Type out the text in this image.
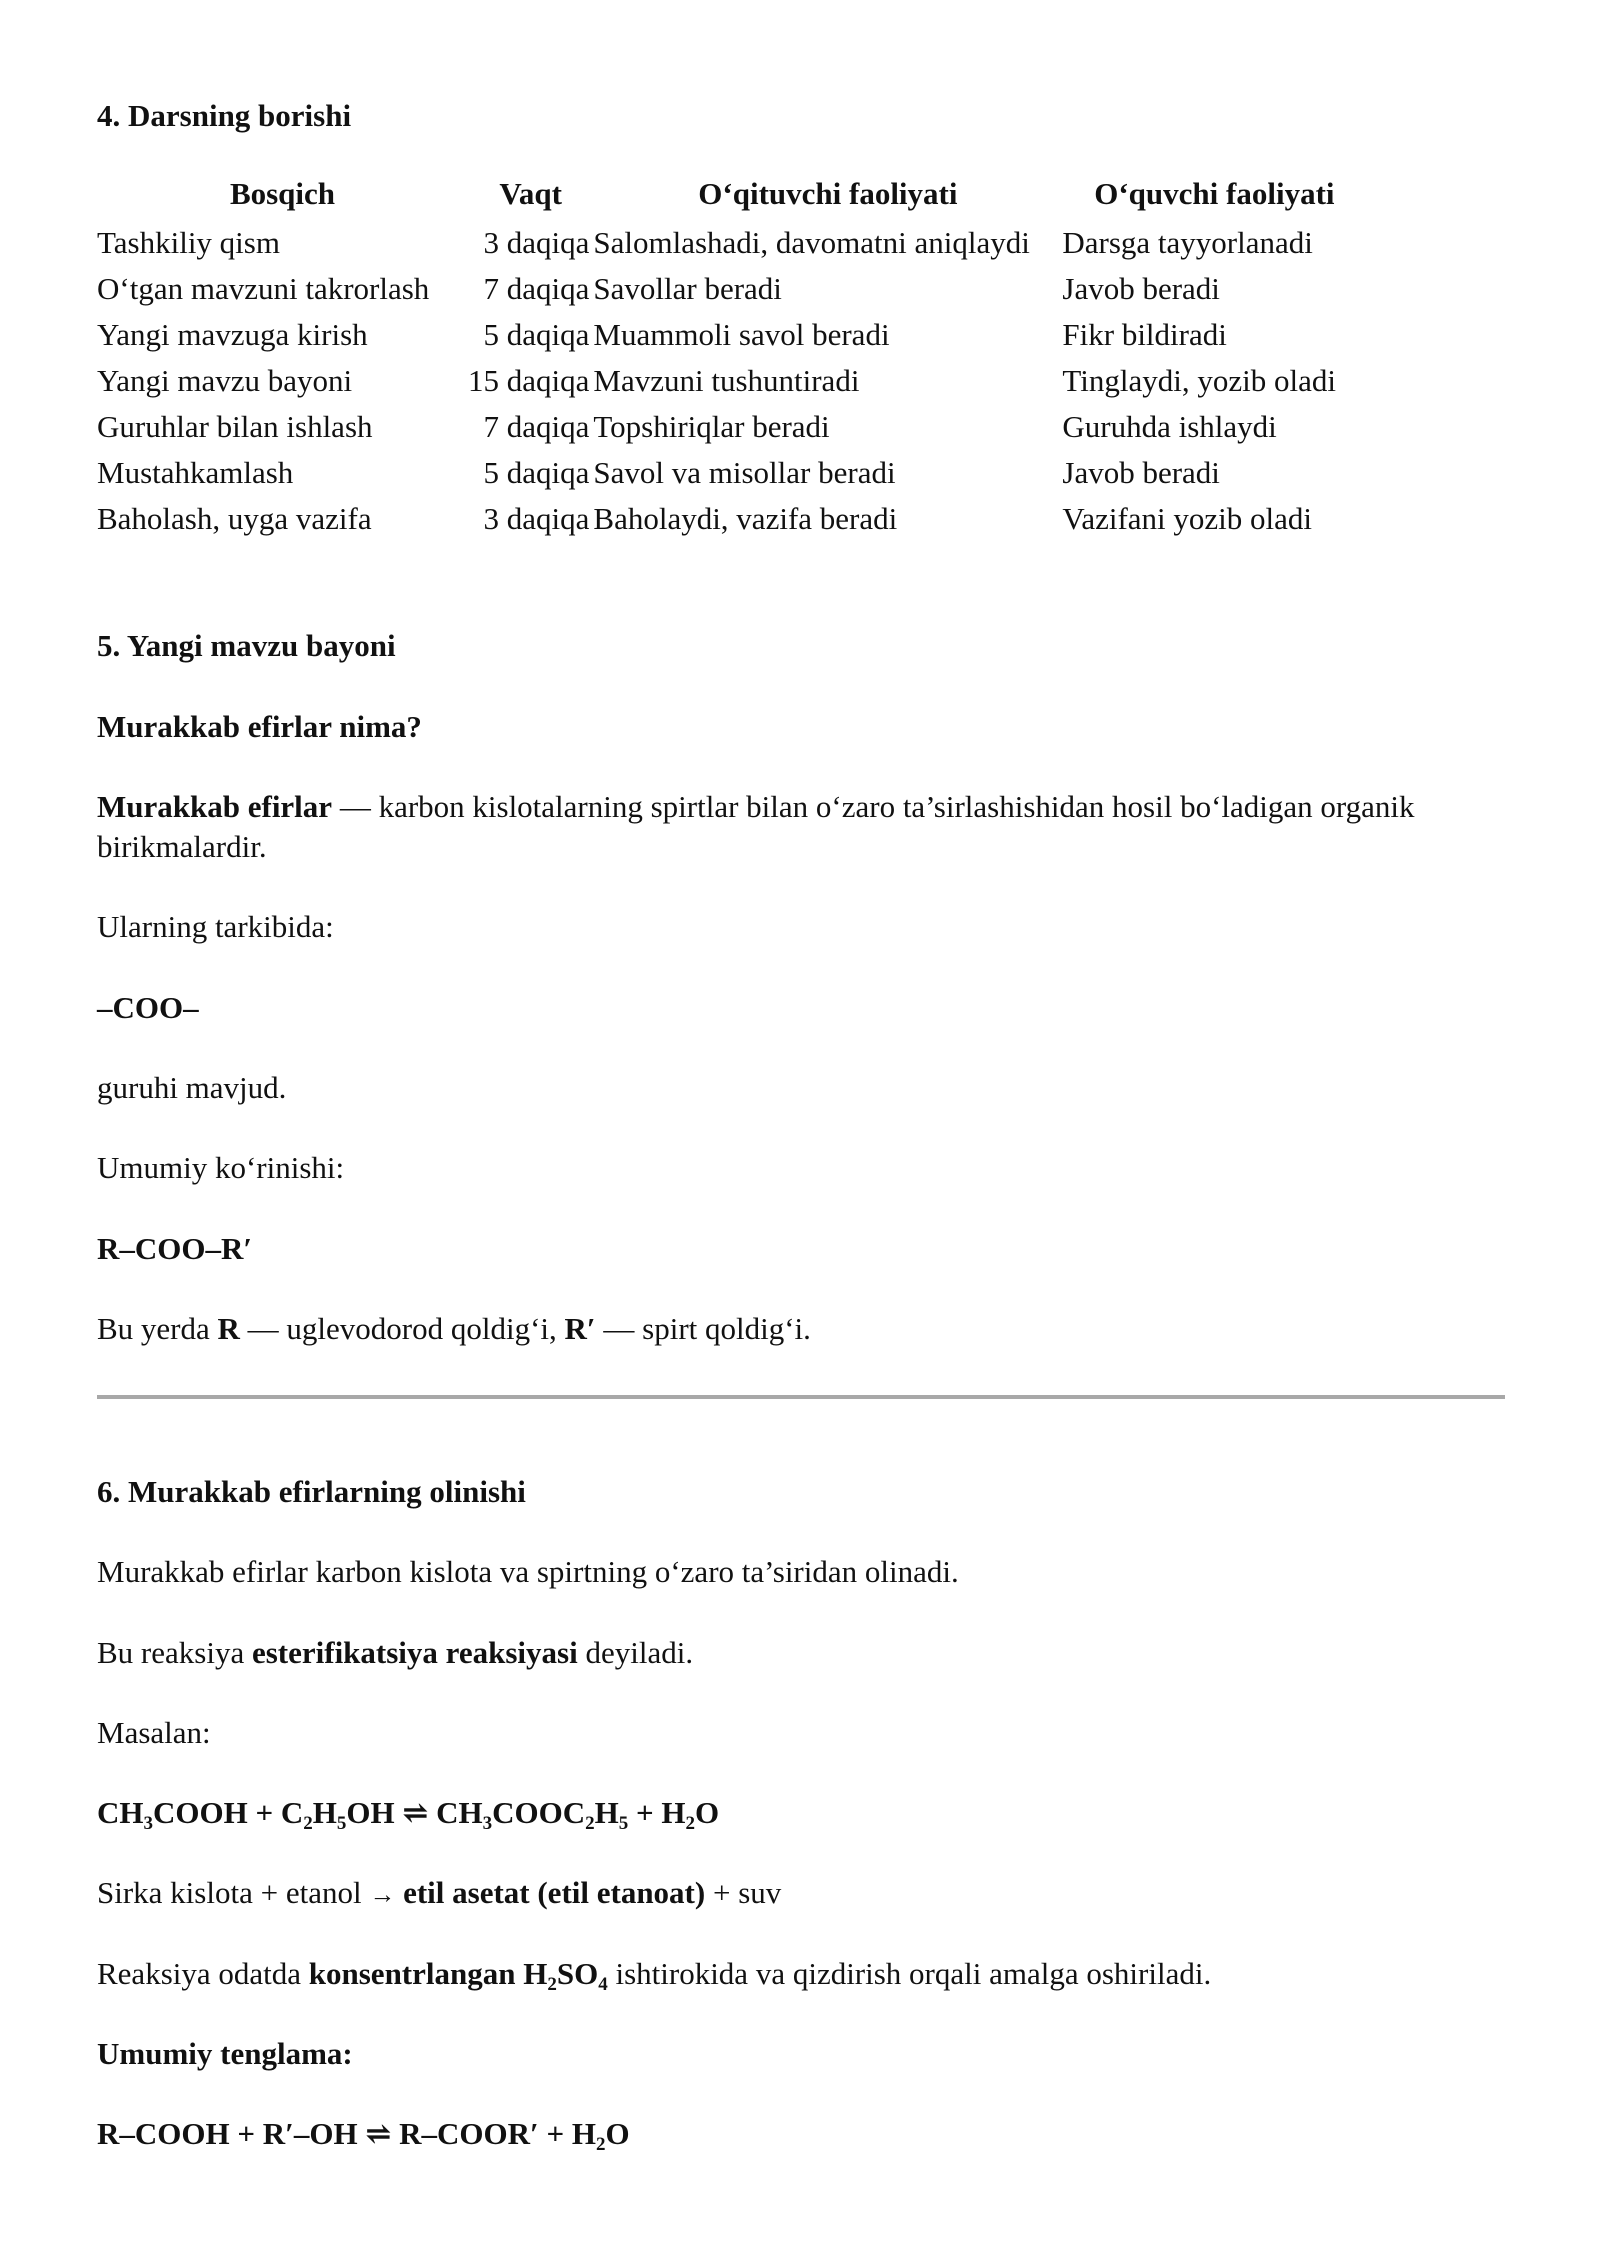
4. Darsning borishi
Bosqich	Vaqt	O‘qituvchi faoliyati	O‘quvchi faoliyati
Tashkiliy qism	3 daqiqa	Salomlashadi, davomatni aniqlaydi	Darsga tayyorlanadi
O‘tgan mavzuni takrorlash	7 daqiqa	Savollar beradi	Javob beradi
Yangi mavzuga kirish	5 daqiqa	Muammoli savol beradi	Fikr bildiradi
Yangi mavzu bayoni	15 daqiqa	Mavzuni tushuntiradi	Tinglaydi, yozib oladi
Guruhlar bilan ishlash	7 daqiqa	Topshiriqlar beradi	Guruhda ishlaydi
Mustahkamlash	5 daqiqa	Savol va misollar beradi	Javob beradi
Baholash, uyga vazifa	3 daqiqa	Baholaydi, vazifa beradi	Vazifani yozib oladi
5. Yangi mavzu bayoni

Murakkab efirlar nima?

Murakkab efirlar — karbon kislotalarning spirtlar bilan o‘zaro ta’sirlashishidan hosil bo‘ladigan organik birikmalardir.

Ularning tarkibida:

–COO–

guruhi mavjud.

Umumiy ko‘rinishi:

R–COO–R′

Bu yerda R — uglevodorod qoldig‘i, R′ — spirt qoldig‘i.

6. Murakkab efirlarning olinishi

Murakkab efirlar karbon kislota va spirtning o‘zaro ta’siridan olinadi.

Bu reaksiya esterifikatsiya reaksiyasi deyiladi.

Masalan:

$CH_3COOH + C_2H_5OH$ ⇌ $CH_3COOC_2H_5 + H_2O$

Sirka kislota + etanol → etil asetat (etil etanoat) + suv

Reaksiya odatda konsentrlangan $H_2SO_4$ ishtirokida va qizdirish orqali amalga oshiriladi.

Umumiy tenglama:

R–COOH + R′–OH ⇌ R–COOR′ + $H_2O$
